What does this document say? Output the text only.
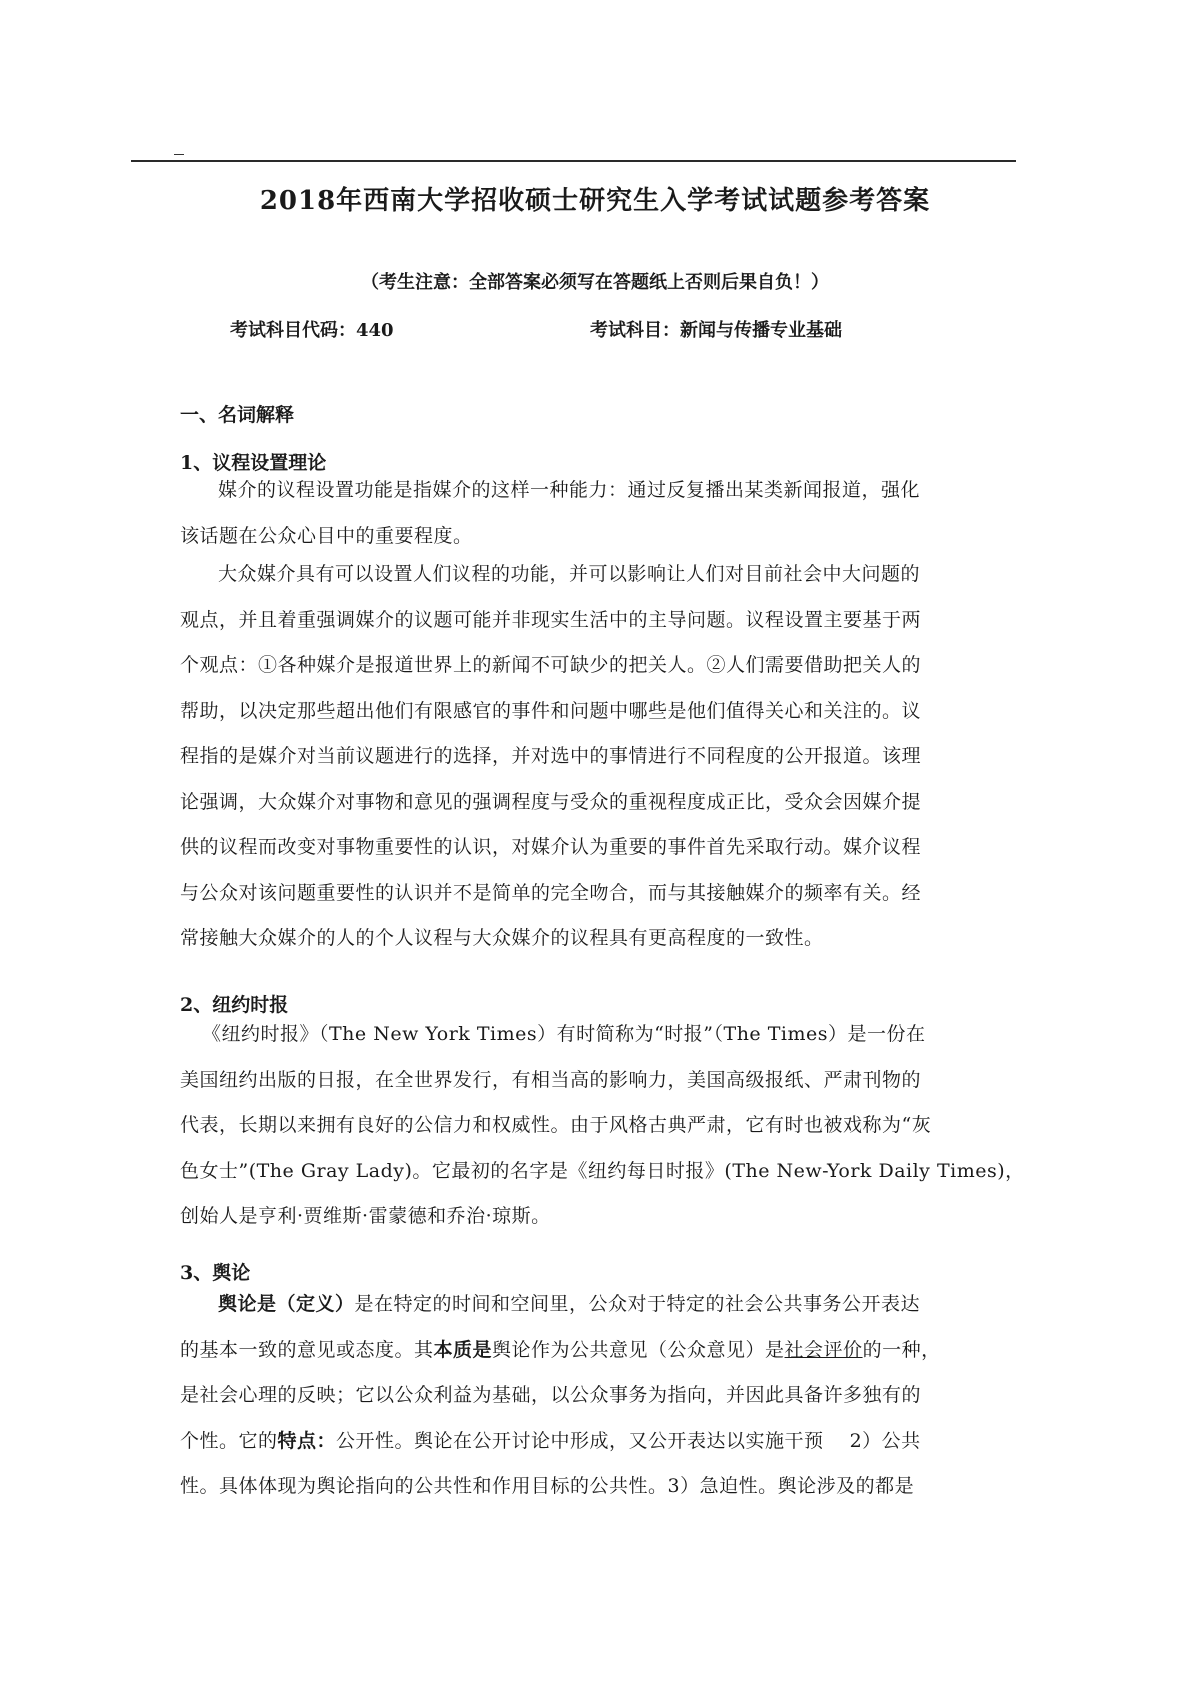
2018年西南大学招收硕士研究生入学考试试题参考答案
（考生注意：全部答案必须写在答题纸上否则后果自负！）
考试科目代码：440	考试科目：新闻与传播专业基础
一、名词解释
1、议程设置理论
媒介的议程设置功能是指媒介的这样一种能力：通过反复播出某类新闻报道，强化
该话题在公众心目中的重要程度。
大众媒介具有可以设置人们议程的功能，并可以影响让人们对目前社会中大问题的
观点，并且着重强调媒介的议题可能并非现实生活中的主导问题。议程设置主要基于两
个观点：①各种媒介是报道世界上的新闻不可缺少的把关人。②人们需要借助把关人的
帮助，以决定那些超出他们有限感官的事件和问题中哪些是他们值得关心和关注的。议
程指的是媒介对当前议题进行的选择，并对选中的事情进行不同程度的公开报道。该理
论强调，大众媒介对事物和意见的强调程度与受众的重视程度成正比，受众会因媒介提
供的议程而改变对事物重要性的认识，对媒介认为重要的事件首先采取行动。媒介议程
与公众对该问题重要性的认识并不是简单的完全吻合，而与其接触媒介的频率有关。经
常接触大众媒介的人的个人议程与大众媒介的议程具有更高程度的一致性。
2、纽约时报
《纽约时报》（The New York Times）有时简称为“时报”（The Times）是一份在
美国纽约出版的日报，在全世界发行，有相当高的影响力，美国高级报纸、严肃刊物的
代表，长期以来拥有良好的公信力和权威性。由于风格古典严肃，它有时也被戏称为“灰
色女士”(The Gray Lady)。它最初的名字是《纽约每日时报》(The New-York Daily Times)，
创始人是亨利·贾维斯·雷蒙德和乔治·琼斯。
3、舆论
舆论是（定义）是在特定的时间和空间里，公众对于特定的社会公共事务公开表达
的基本一致的意见或态度。其本质是舆论作为公共意见（公众意见）是社会评价的一种，
是社会心理的反映；它以公众利益为基础，以公众事务为指向，并因此具备许多独有的
个性。它的特点：公开性。舆论在公开讨论中形成，又公开表达以实施干预　 2）公共
性。具体体现为舆论指向的公共性和作用目标的公共性。3）急迫性。舆论涉及的都是
